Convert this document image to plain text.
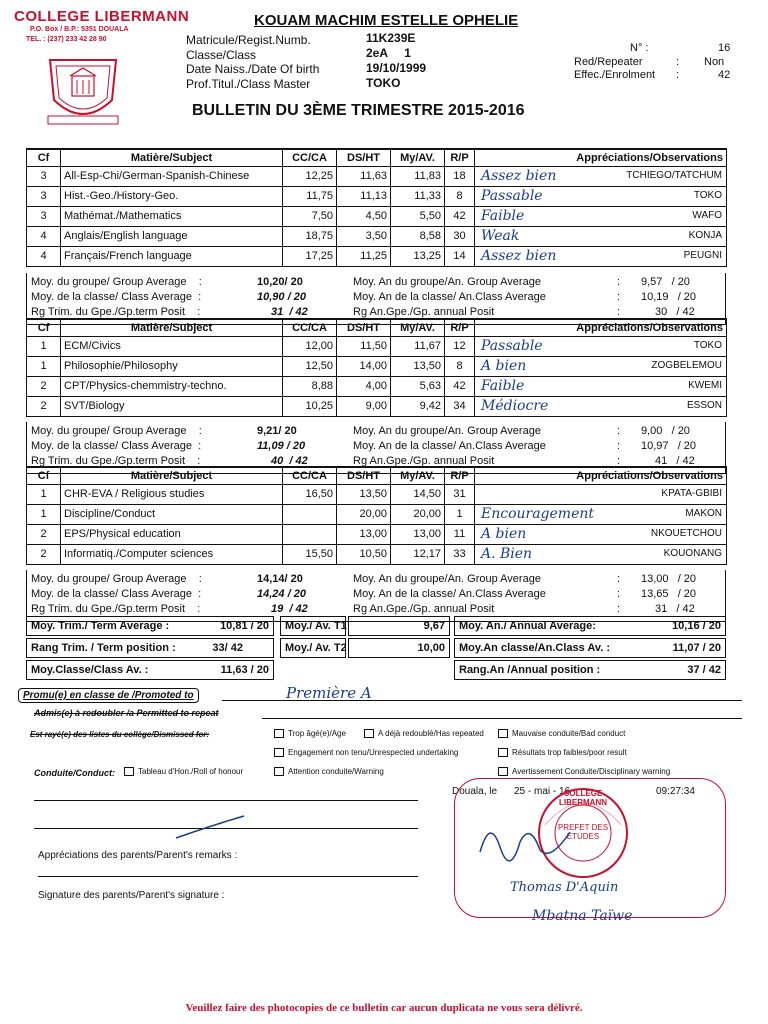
COLLEGE LIBERMANN
P.O. Box / B.P.: 5351 DOUALA
TEL. : (237) 233 42 28 90
KOUAM MACHIM ESTELLE OPHELIE
Matricule/Regist.Numb.
Classe/Class
Date Naiss./Date Of birth
Prof.Titul./Class Master
11K239E
2eA     1
19/10/1999
TOKO
N° :	16
Red/Repeater	: Non
Effec./Enrolment :	42
BULLETIN DU 3ÈME TRIMESTRE 2015-2016
Cf	Matière/Subject	CC/CA	DS/HT	My/AV.	R/P	Appréciations/Observations
3	All-Esp-Chi/German-Spanish-Chinese	12,25	11,63	11,83	18	Assez bien TCHIEGO/TATCHUM

3	Hist.-Geo./History-Geo.	11,75	11,13	11,33	8	Passable TOKO

3	Mathémat./Mathematics	7,50	4,50	5,50	42	Faible WAFO

4	Anglais/English language	18,75	3,50	8,58	30	Weak KONJA

4	Français/French language	17,25	11,25	13,25	14	Assez bien PEUGNI
Moy. du groupe/ Group Average    :	10,20/ 20
Moy. de la classe/ Class Average  :	10,90 / 20
Rg Trim. du Gpe./Gp.term Posit    :	31  / 42
Moy. An du groupe/An. Group Average	9,57   / 20
Moy. An de la classe/ An.Class Average	10,19   / 20
Rg An.Gpe./Gp. annual Posit	30   / 42
:
:
:
Cf	Matière/Subject	CC/CA	DS/HT	My/AV.	R/P	Appréciations/Observations
1	ECM/Civics	12,00	11,50	11,67	12	Passable TOKO

1	Philosophie/Philosophy	12,50	14,00	13,50	8	A bien ZOGBELEMOU

2	CPT/Physics-chemmistry-techno.	8,88	4,00	5,63	42	Faible KWEMI

2	SVT/Biology	10,25	9,00	9,42	34	Médiocre ESSON
Moy. du groupe/ Group Average    :	9,21/ 20
Moy. de la classe/ Class Average  :	11,09 / 20
Rg Trim. du Gpe./Gp.term Posit    :	40  / 42
Moy. An du groupe/An. Group Average	9,00   / 20
Moy. An de la classe/ An.Class Average	10,97   / 20
Rg An.Gpe./Gp. annual Posit	41   / 42
:
:
:
Cf	Matière/Subject	CC/CA	DS/HT	My/AV.	R/P	Appréciations/Observations
1	CHR-EVA / Religious studies	16,50	13,50	14,50	31	KPATA-GBIBI

1	Discipline/Conduct		20,00	20,00	1	Encouragement MAKON

2	EPS/Physical education		13,00	13,00	11	A bien NKOUETCHOU

2	Informatiq./Computer sciences	15,50	10,50	12,17	33	A. Bien KOUONANG
Moy. du groupe/ Group Average    :	14,14/ 20
Moy. de la classe/ Class Average  :	14,24 / 20
Rg Trim. du Gpe./Gp.term Posit    :	19  / 42
Moy. An du groupe/An. Group Average	13,00   / 20
Moy. An de la classe/ An.Class Average	13,65   / 20
Rg An.Gpe./Gp. annual Posit	31   / 42
:
:
:
Moy. Trim./ Term Average :	10,81 / 20
Rang Trim. / Term position :	33/ 42
Moy.Classe/Class Av. :	11,63 / 20
Moy./ Av. T1	9,67
Moy./ Av. T2	10,00
Moy. An./ Annual Average:	10,16 / 20
Moy.An classe/An.Class Av. :	11,07 / 20
Rang.An /Annual position :	37 / 42
Promu(e) en classe de /Promoted to	Première A
Admis(e) à redoubler /a Permitted to repeat
Est rayé(e) des listes du collège/Dismissed for:	Trop âgé(e)/Age	A déjà redoublé/Has repeated	Mauvaise conduite/Bad conduct
Engagement non tenu/Unrespected undertaking	Résultats trop faibles/poor result
Conduite/Conduct:	Tableau d'Hon./Roll of honour	Attention conduite/Warning	Avertissement Conduite/Disciplinary warning
Douala, le 25 - mai - 16	09:27:34
COLLEGE LIBERMANN
PREFET DES ETUDES
Thomas D'Aquin
Mbatna Taïwe
Appréciations des parents/Parent's remarks :
Signature des parents/Parent's signature :
Veuillez faire des photocopies de ce bulletin car aucun duplicata ne vous sera délivré.
